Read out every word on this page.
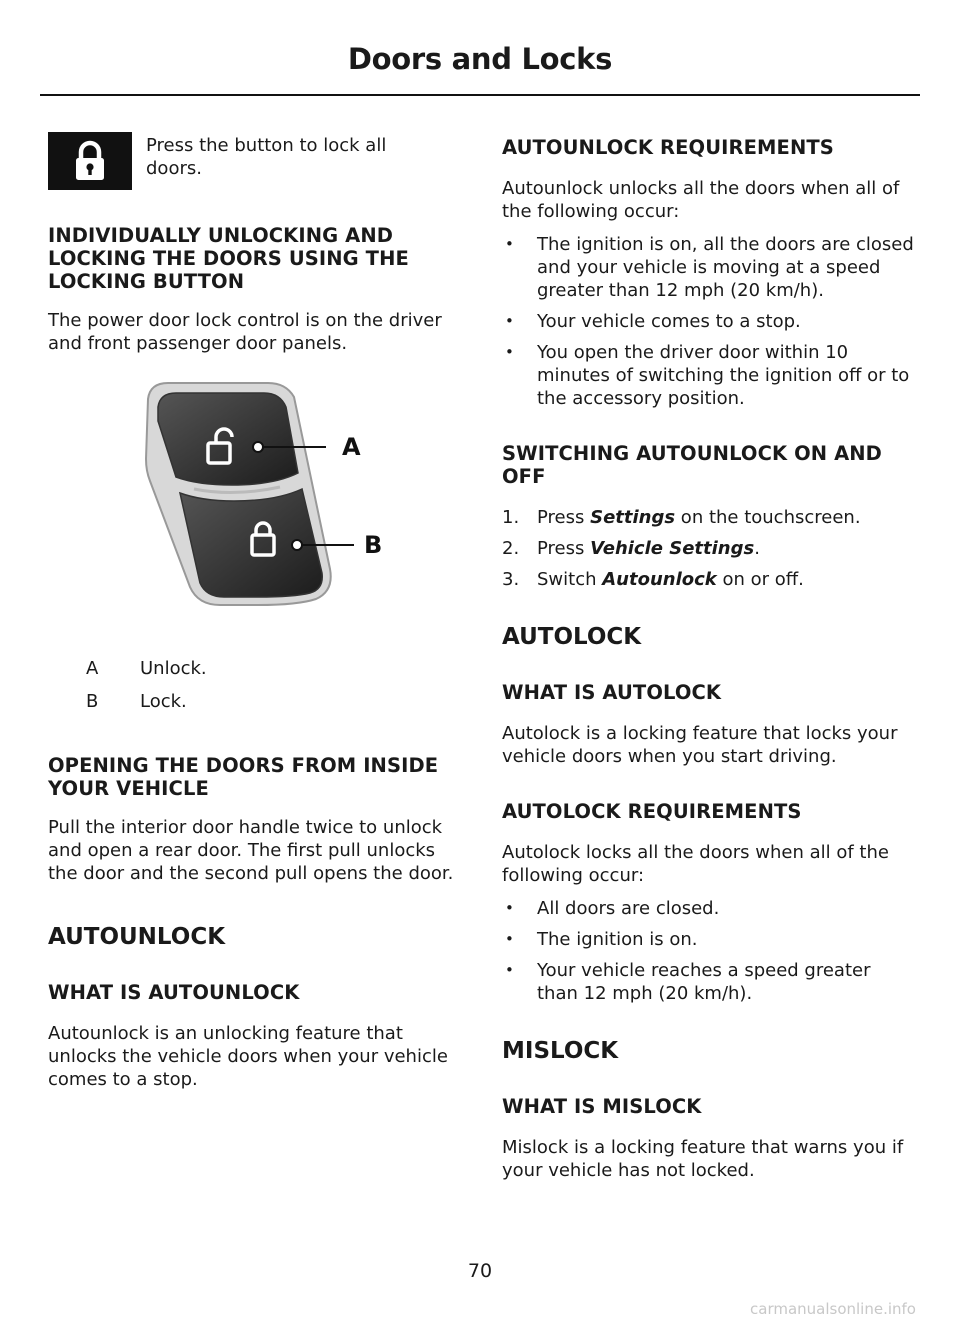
Doors and Locks

Press the button to lock all doors.

INDIVIDUALLY UNLOCKING AND LOCKING THE DOORS USING THE LOCKING BUTTON

The power door lock control is on the driver and front passenger door panels.

A
B
A	Unlock.
B	Lock.
OPENING THE DOORS FROM INSIDE YOUR VEHICLE

Pull the interior door handle twice to unlock and open a rear door. The first pull unlocks the door and the second pull opens the door.

AUTOUNLOCK
WHAT IS AUTOUNLOCK

Autounlock is an unlocking feature that unlocks the vehicle doors when your vehicle comes to a stop.

AUTOUNLOCK REQUIREMENTS

Autounlock unlocks all the doors when all of the following occur:

• The ignition is on, all the doors are closed and your vehicle is moving at a speed greater than 12 mph (20 km/h).
• Your vehicle comes to a stop.
• You open the driver door within 10 minutes of switching the ignition off or to the accessory position.
SWITCHING AUTOUNLOCK ON AND OFF
1. Press Settings on the touchscreen.
2. Press Vehicle Settings.
3. Switch Autounlock on or off.
AUTOLOCK
WHAT IS AUTOLOCK

Autolock is a locking feature that locks your vehicle doors when you start driving.

AUTOLOCK REQUIREMENTS

Autolock locks all the doors when all of the following occur:

• All doors are closed.
• The ignition is on.
• Your vehicle reaches a speed greater than 12 mph (20 km/h).
MISLOCK
WHAT IS MISLOCK

Mislock is a locking feature that warns you if your vehicle has not locked.

70
carmanualsonline.info
